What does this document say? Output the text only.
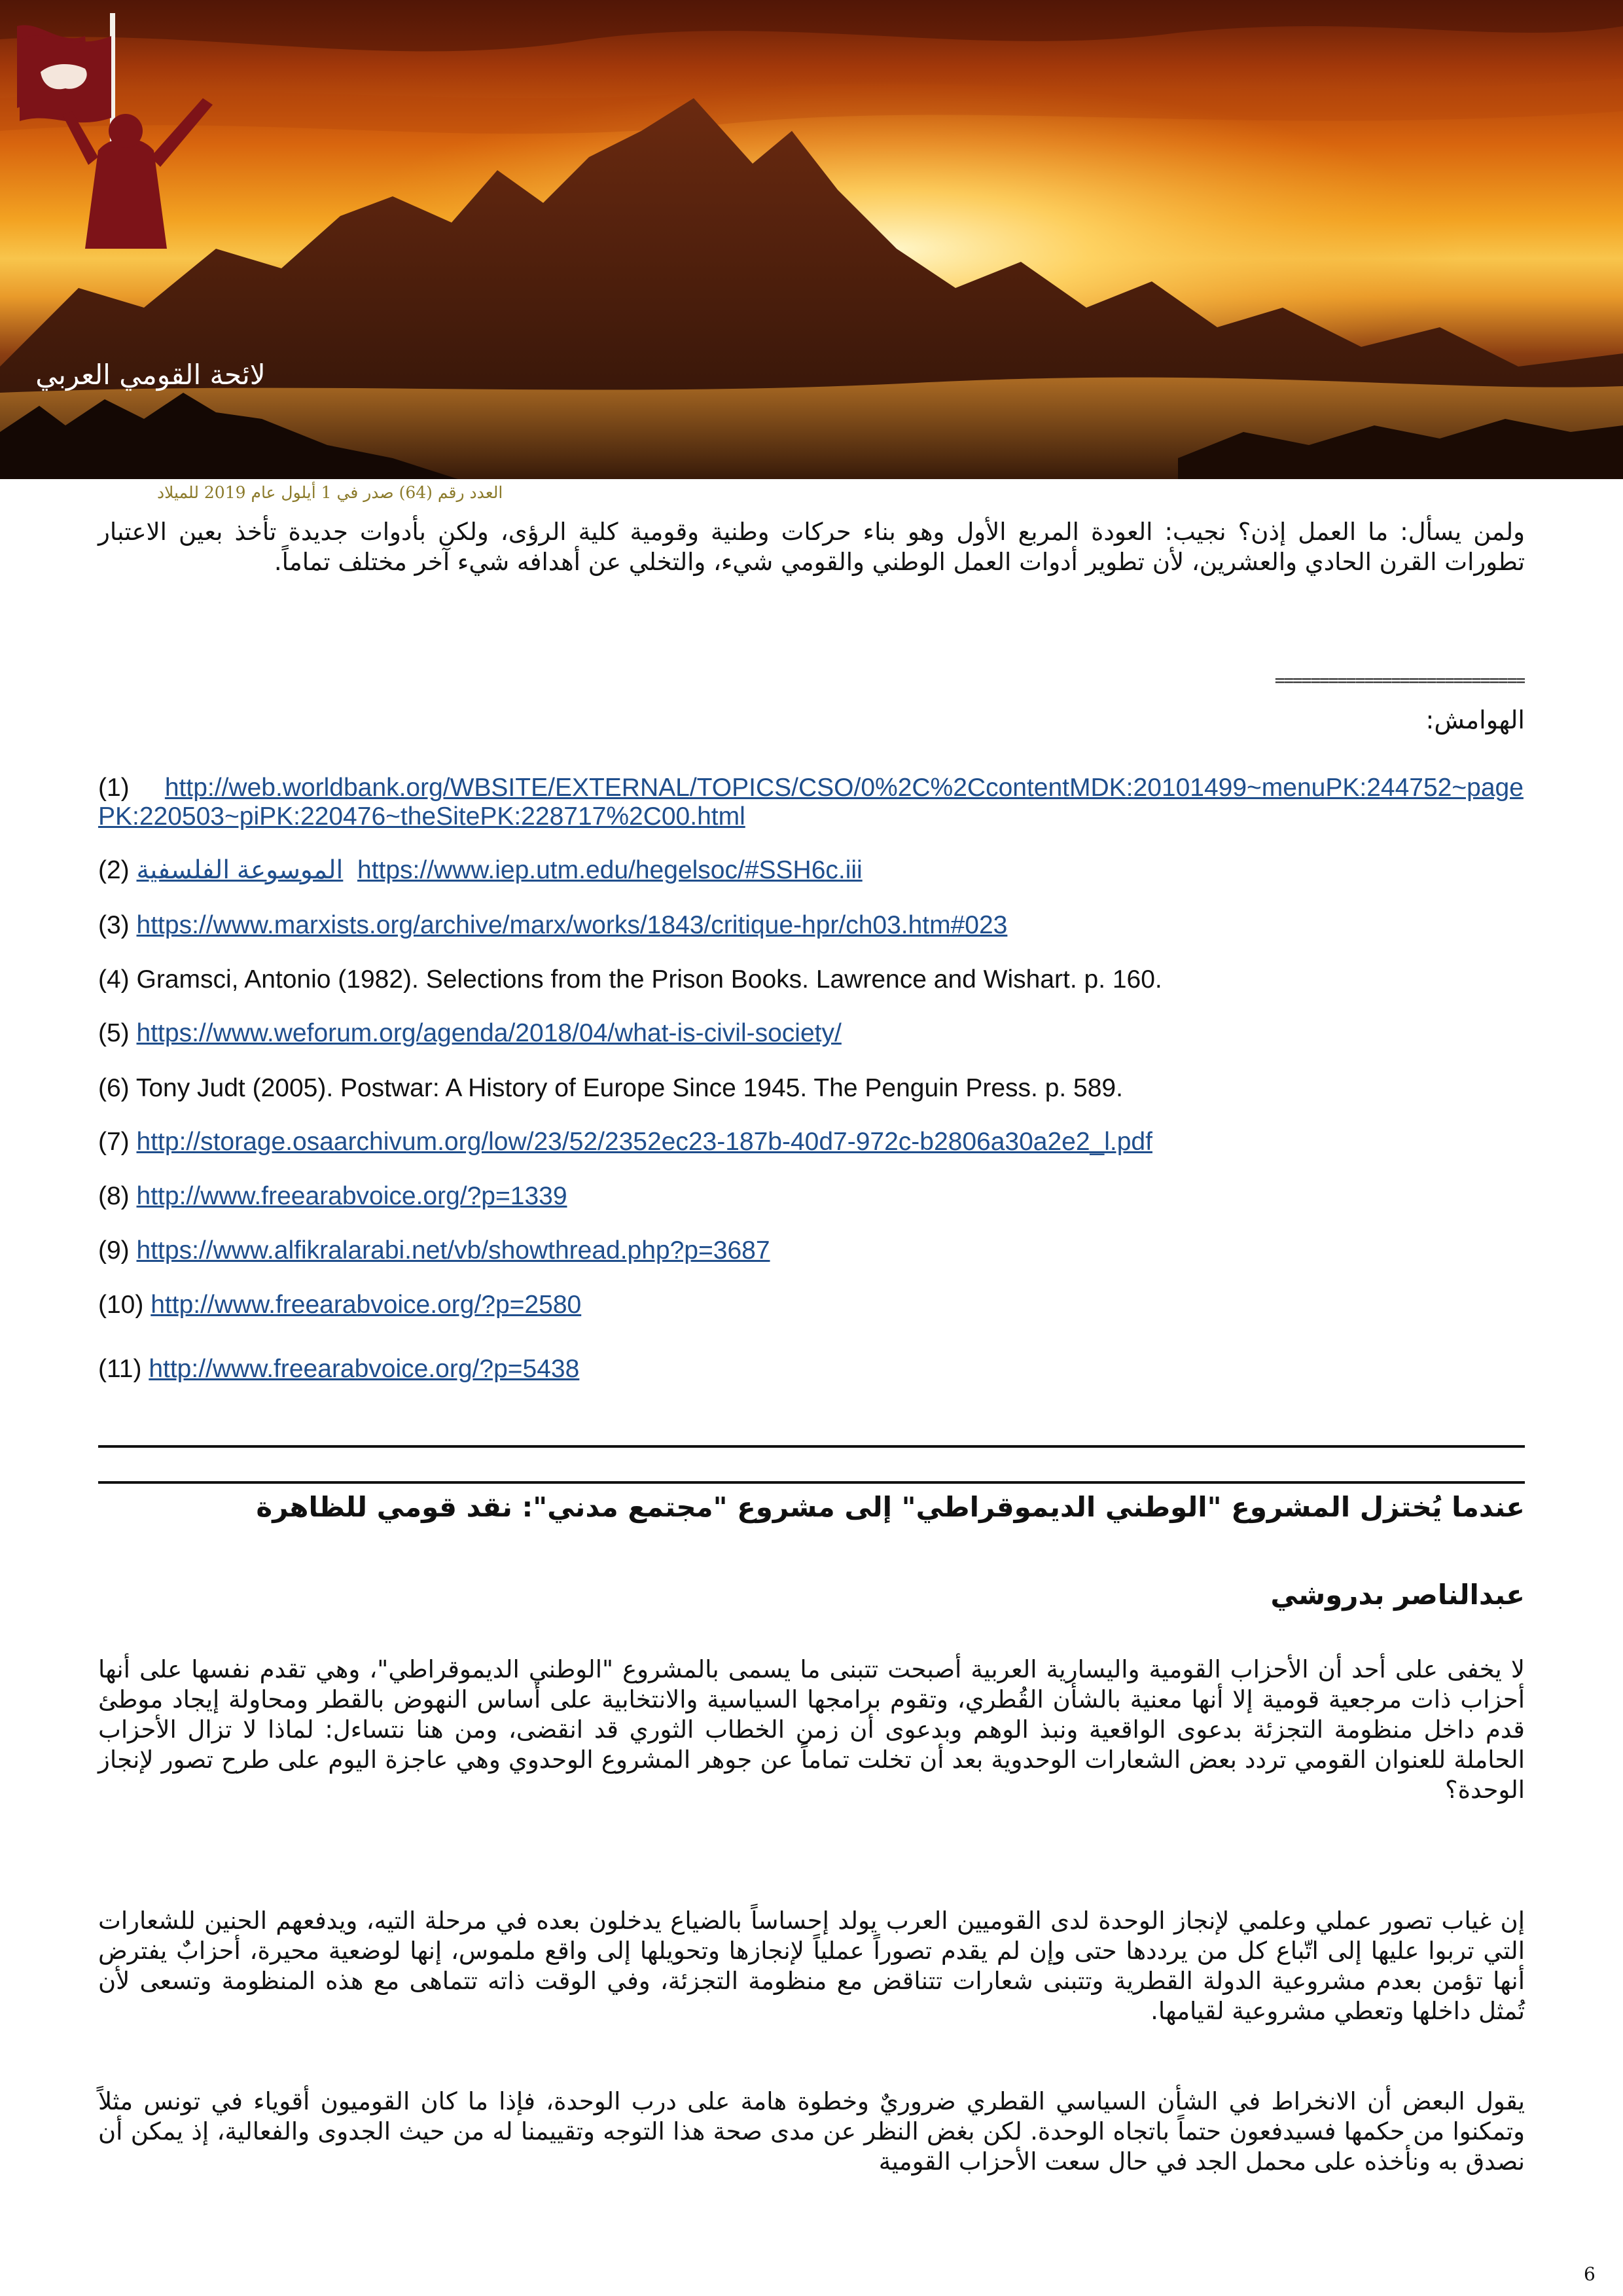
لائحة القومي العربي
العدد رقم (64) صدر في 1 أيلول عام 2019 للميلاد
ولمن يسأل: ما العمل إذن؟ نجيب: العودة المربع الأول وهو بناء حركات وطنية وقومية كلية الرؤى، ولكن بأدوات جديدة تأخذ بعين الاعتبار تطورات القرن الحادي والعشرين، لأن تطوير أدوات العمل الوطني والقومي شيء، والتخلي عن أهدافه شيء آخر مختلف تماماً.
============================
الهوامش:
(1) http://web.worldbank.org/WBSITE/EXTERNAL/TOPICS/CSO/0%2C%2CcontentMDK:20101499~menuPK:244752~pagePK:220503~piPK:220476~theSitePK:228717%2C00.html
(2) الموسوعة الفلسفية https://www.iep.utm.edu/hegelsoc/#SSH6c.iii
(3) https://www.marxists.org/archive/marx/works/1843/critique-hpr/ch03.htm#023
(4) Gramsci, Antonio (1982). Selections from the Prison Books. Lawrence and Wishart. p. 160.
(5) https://www.weforum.org/agenda/2018/04/what-is-civil-society/
(6) Tony Judt (2005). Postwar: A History of Europe Since 1945. The Penguin Press. p. 589.
(7) http://storage.osaarchivum.org/low/23/52/2352ec23-187b-40d7-972c-b2806a30a2e2_l.pdf
(8) http://www.freearabvoice.org/?p=1339
(9) https://www.alfikralarabi.net/vb/showthread.php?p=3687
(10) http://www.freearabvoice.org/?p=2580
(11) http://www.freearabvoice.org/?p=5438
عندما يُختزل المشروع "الوطني الديموقراطي" إلى مشروع "مجتمع مدني": نقد قومي للظاهرة
عبدالناصر بدروشي
لا يخفى على أحد أن الأحزاب القومية واليسارية العربية أصبحت تتبنى ما يسمى بالمشروع "الوطني الديموقراطي"، وهي تقدم نفسها على أنها أحزاب ذات مرجعية قومية إلا أنها معنية بالشأن القُطري، وتقوم برامجها السياسية والانتخابية على أساس النهوض بالقطر ومحاولة إيجاد موطئ قدم داخل منظومة التجزئة بدعوى الواقعية ونبذ الوهم وبدعوى أن زمن الخطاب الثوري قد انقضى، ومن هنا نتساءل: لماذا لا تزال الأحزاب الحاملة للعنوان القومي تردد بعض الشعارات الوحدوية بعد أن تخلت تماماً عن جوهر المشروع الوحدوي وهي عاجزة اليوم على طرح تصور لإنجاز الوحدة؟
إن غياب تصور عملي وعلمي لإنجاز الوحدة لدى القوميين العرب يولد إحساساً بالضياع يدخلون بعده في مرحلة التيه، ويدفعهم الحنين للشعارات التي تربوا عليها إلى اتّباع كل من يرددها حتى وإن لم يقدم تصوراً عملياً لإنجازها وتحويلها إلى واقع ملموس، إنها لوضعية محيرة، أحزابٌ يفترض أنها تؤمن بعدم مشروعية الدولة القطرية وتتبنى شعارات تتناقض مع منظومة التجزئة، وفي الوقت ذاته تتماهى مع هذه المنظومة وتسعى لأن تُمثل داخلها وتعطي مشروعية لقيامها.
يقول البعض أن الانخراط في الشأن السياسي القطري ضروريٌ وخطوة هامة على درب الوحدة، فإذا ما كان القوميون أقوياء في تونس مثلاً وتمكنوا من حكمها فسيدفعون حتماً باتجاه الوحدة. لكن بغض النظر عن مدى صحة هذا التوجه وتقييمنا له من حيث الجدوى والفعالية، إذ يمكن أن نصدق به ونأخذه على محمل الجد في حال سعت الأحزاب القومية
6
